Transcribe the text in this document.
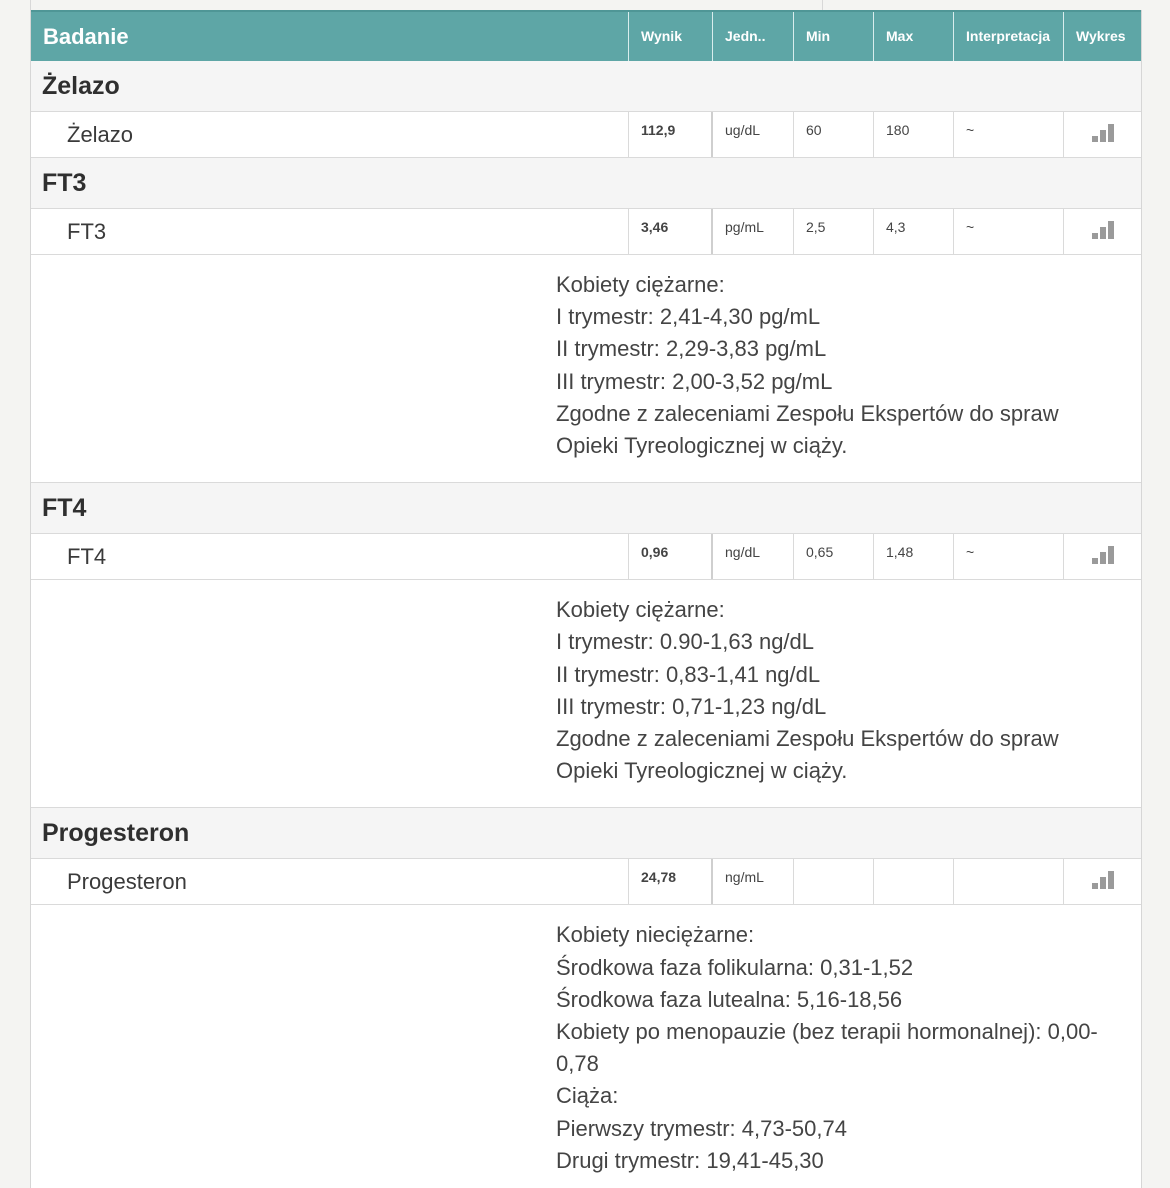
Badanie	Wynik	Jedn..	Min	Max	Interpretacja	Wykres
Żelazo
Żelazo	112,9	ug/dL	60	180	~
FT3
FT3	3,46	pg/mL	2,5	4,3	~
Kobiety ciężarne:
I trymestr: 2,41-4,30 pg/mL
II trymestr: 2,29-3,83 pg/mL
III trymestr: 2,00-3,52 pg/mL
Zgodne z zaleceniami Zespołu Ekspertów do spraw
Opieki Tyreologicznej w ciąży.
FT4
FT4	0,96	ng/dL	0,65	1,48	~
Kobiety ciężarne:
I trymestr: 0.90-1,63 ng/dL
II trymestr: 0,83-1,41 ng/dL
III trymestr: 0,71-1,23 ng/dL
Zgodne z zaleceniami Zespołu Ekspertów do spraw
Opieki Tyreologicznej w ciąży.
Progesteron
Progesteron	24,78	ng/mL
Kobiety nieciężarne:
Środkowa faza folikularna: 0,31-1,52
Środkowa faza lutealna: 5,16-18,56
Kobiety po menopauzie (bez terapii hormonalnej): 0,00-
0,78
Ciąża:
Pierwszy trymestr: 4,73-50,74
Drugi trymestr: 19,41-45,30
